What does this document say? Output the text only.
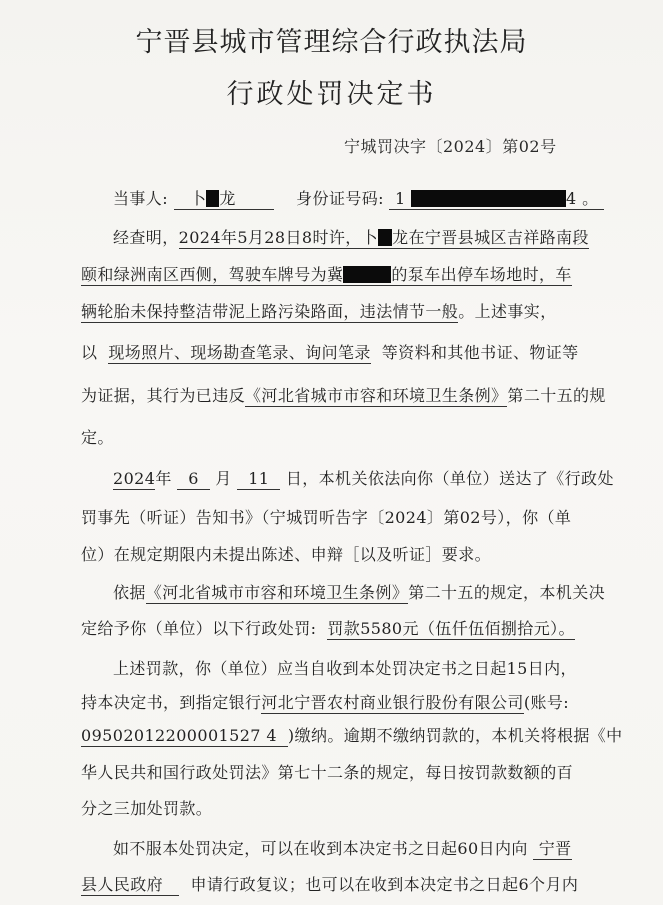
宁晋县城市管理综合行政执法局
行政处罚决定书
宁城罚决字〔2024〕第02号
当事人: 卜 龙	身份证号码: 1	4 。
经查明，2024年5月28日8时许，卜 龙在宁晋县城区吉祥路南段
颐和绿洲南区西侧，驾驶车牌号为冀	的泵车出停车场地时，车
辆轮胎未保持整洁带泥上路污染路面，违法情节一般。上述事实，
以 现场照片、现场勘查笔录、询问笔录 等资料和其他书证、物证等
为证据，其行为已违反《河北省城市市容和环境卫生条例》第二十五的规
定。
2024年 6 月 11 日，本机关依法向你（单位）送达了《行政处
罚事先（听证）告知书》（宁城罚听告字〔2024〕第02号），你（单
位）在规定期限内未提出陈述、申辩［以及听证］要求。
依据《河北省城市市容和环境卫生条例》第二十五的规定，本机关决
定给予你（单位）以下行政处罚: 罚款5580元（伍仟伍佰捌拾元）。
上述罚款，你（单位）应当自收到本处罚决定书之日起15日内，
持本决定书，到指定银行河北宁晋农村商业银行股份有限公司(账号:
09502012200001527 4  )缴纳。逾期不缴纳罚款的，本机关将根据《中
华人民共和国行政处罚法》第七十二条的规定，每日按罚款数额的百
分之三加处罚款。
如不服本处罚决定，可以在收到本决定书之日起60日内向 宁晋
县人民政府 申请行政复议；也可以在收到本决定书之日起6个月内
